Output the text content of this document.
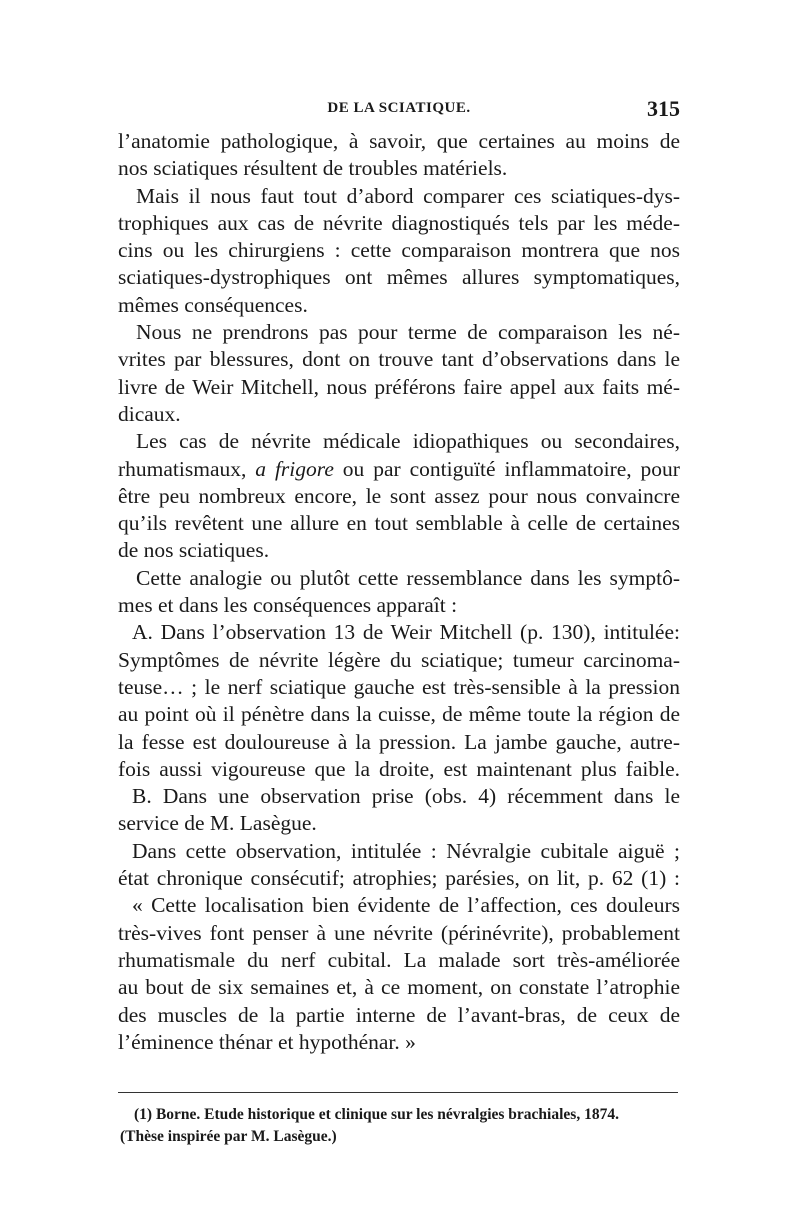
DE LA SCIATIQUE.	315
l’anatomie pathologique, à savoir, que certaines au moins de
nos sciatiques résultent de troubles matériels.
Mais il nous faut tout d’abord comparer ces sciatiques-dys-
trophiques aux cas de névrite diagnostiqués tels par les méde-
cins ou les chirurgiens : cette comparaison montrera que nos
sciatiques-dystrophiques ont mêmes allures symptomatiques,
mêmes conséquences.
Nous ne prendrons pas pour terme de comparaison les né-
vrites par blessures, dont on trouve tant d’observations dans le
livre de Weir Mitchell, nous préférons faire appel aux faits mé-
dicaux.
Les cas de névrite médicale idiopathiques ou secondaires,
rhumatismaux, a frigore ou par contiguïté inflammatoire, pour
être peu nombreux encore, le sont assez pour nous convaincre
qu’ils revêtent une allure en tout semblable à celle de certaines
de nos sciatiques.
Cette analogie ou plutôt cette ressemblance dans les symptô-
mes et dans les conséquences apparaît :
A. Dans l’observation 13 de Weir Mitchell (p. 130), intitulée:
Symptômes de névrite légère du sciatique; tumeur carcinoma-
teuse… ; le nerf sciatique gauche est très-sensible à la pression
au point où il pénètre dans la cuisse, de même toute la région de
la fesse est douloureuse à la pression. La jambe gauche, autre-
fois aussi vigoureuse que la droite, est maintenant plus faible.
B. Dans une observation prise (obs. 4) récemment dans le
service de M. Lasègue.
Dans cette observation, intitulée : Névralgie cubitale aiguë ;
état chronique consécutif; atrophies; parésies, on lit, p. 62 (1) :
« Cette localisation bien évidente de l’affection, ces douleurs
très-vives font penser à une névrite (périnévrite), probablement
rhumatismale du nerf cubital. La malade sort très-améliorée
au bout de six semaines et, à ce moment, on constate l’atrophie
des muscles de la partie interne de l’avant-bras, de ceux de
l’éminence thénar et hypothénar. »
(1) Borne. Etude historique et clinique sur les névralgies brachiales, 1874.
(Thèse inspirée par M. Lasègue.)
